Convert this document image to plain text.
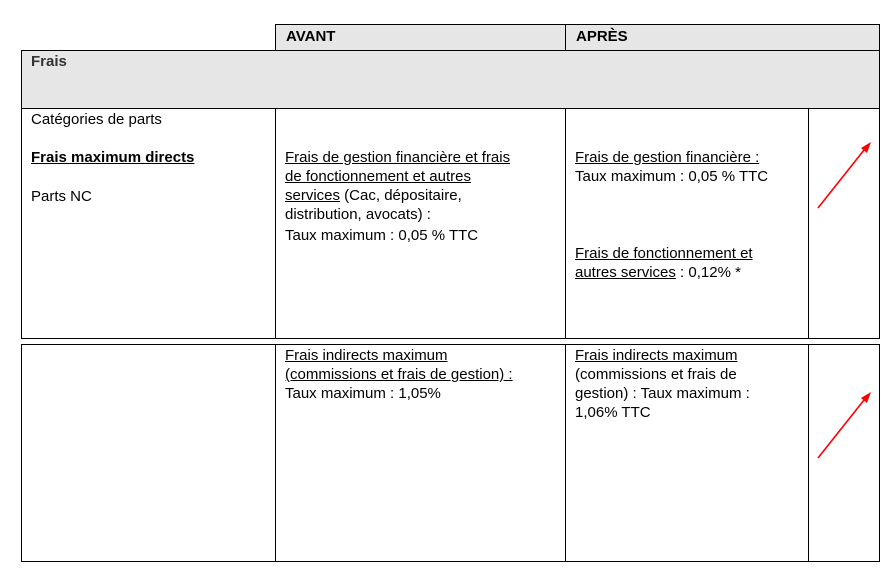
AVANT	APRÈS
Frais
Catégories de parts
Frais maximum directs
Parts NC
Frais de gestion financière et frais
de fonctionnement et autres
services (Cac, dépositaire,
distribution, avocats) :
Taux maximum : 0,05 % TTC
Frais de gestion financière :
Taux maximum : 0,05 % TTC
Frais de fonctionnement et
autres services : 0,12% *
Frais indirects maximum
(commissions et frais de gestion) :
Taux maximum : 1,05%
Frais indirects maximum
(commissions et frais de
gestion) : Taux maximum :
1,06% TTC
